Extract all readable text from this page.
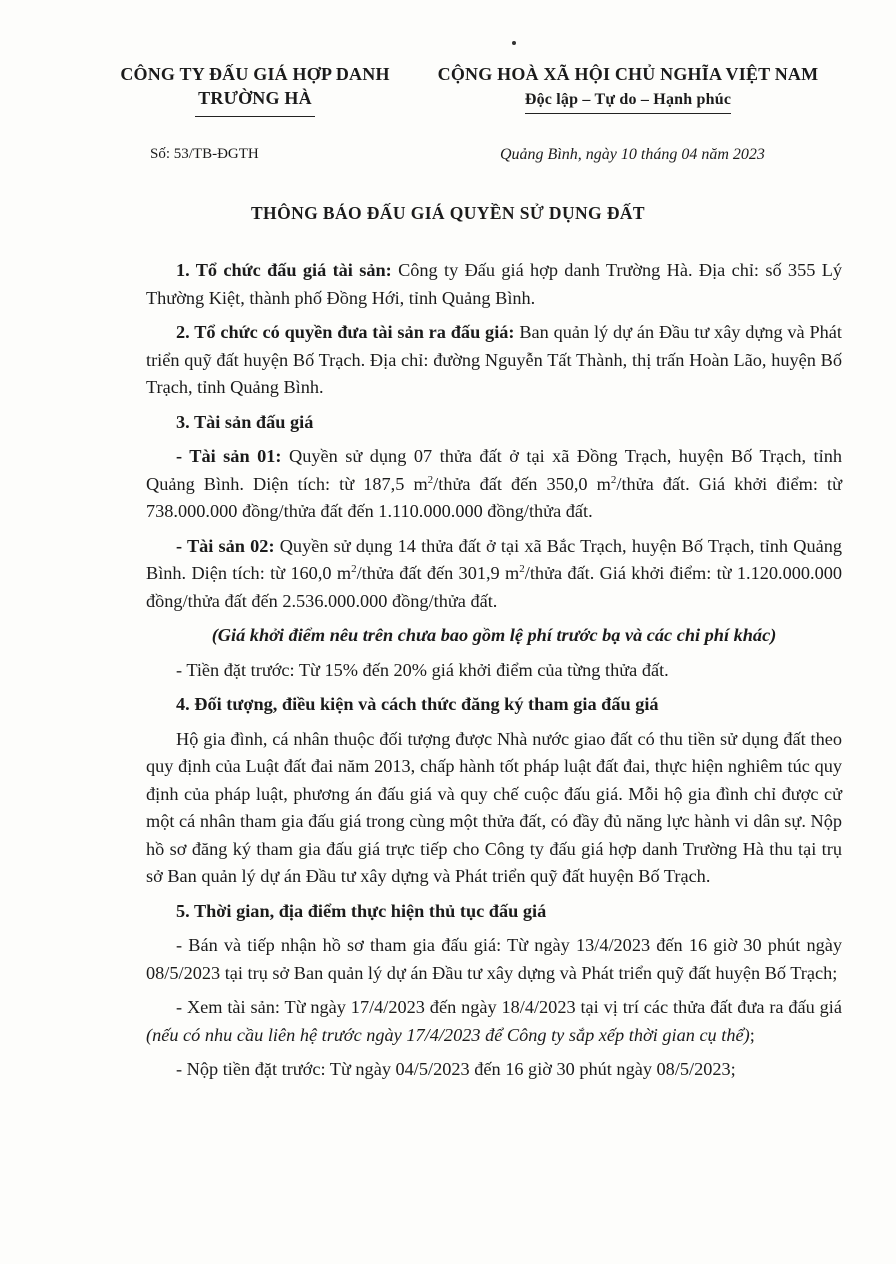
CÔNG TY ĐẤU GIÁ HỢP DANH
TRƯỜNG HÀ
CỘNG HOÀ XÃ HỘI CHỦ NGHĨA VIỆT NAM
Độc lập – Tự do – Hạnh phúc
Số: 53/TB-ĐGTH	Quảng Bình, ngày 10 tháng 04 năm 2023
THÔNG BÁO ĐẤU GIÁ QUYỀN SỬ DỤNG ĐẤT

1. Tổ chức đấu giá tài sản: Công ty Đấu giá hợp danh Trường Hà. Địa chỉ: số 355 Lý Thường Kiệt, thành phố Đồng Hới, tỉnh Quảng Bình.

2. Tổ chức có quyền đưa tài sản ra đấu giá: Ban quản lý dự án Đầu tư xây dựng và Phát triển quỹ đất huyện Bố Trạch. Địa chỉ: đường Nguyễn Tất Thành, thị trấn Hoàn Lão, huyện Bố Trạch, tỉnh Quảng Bình.

3. Tài sản đấu giá

- Tài sản 01: Quyền sử dụng 07 thửa đất ở tại xã Đồng Trạch, huyện Bố Trạch, tỉnh Quảng Bình. Diện tích: từ 187,5 $m^2$/thửa đất đến 350,0 $m^2$/thửa đất. Giá khởi điểm: từ 738.000.000 đồng/thửa đất đến 1.110.000.000 đồng/thửa đất.

- Tài sản 02: Quyền sử dụng 14 thửa đất ở tại xã Bắc Trạch, huyện Bố Trạch, tỉnh Quảng Bình. Diện tích: từ 160,0 $m^2$/thửa đất đến 301,9 $m^2$/thửa đất. Giá khởi điểm: từ 1.120.000.000 đồng/thửa đất đến 2.536.000.000 đồng/thửa đất.

(Giá khởi điểm nêu trên chưa bao gồm lệ phí trước bạ và các chi phí khác)

- Tiền đặt trước: Từ 15% đến 20% giá khởi điểm của từng thửa đất.

4. Đối tượng, điều kiện và cách thức đăng ký tham gia đấu giá

Hộ gia đình, cá nhân thuộc đối tượng được Nhà nước giao đất có thu tiền sử dụng đất theo quy định của Luật đất đai năm 2013, chấp hành tốt pháp luật đất đai, thực hiện nghiêm túc quy định của pháp luật, phương án đấu giá và quy chế cuộc đấu giá. Mỗi hộ gia đình chỉ được cử một cá nhân tham gia đấu giá trong cùng một thửa đất, có đầy đủ năng lực hành vi dân sự. Nộp hồ sơ đăng ký tham gia đấu giá trực tiếp cho Công ty đấu giá hợp danh Trường Hà thu tại trụ sở Ban quản lý dự án Đầu tư xây dựng và Phát triển quỹ đất huyện Bố Trạch.

5. Thời gian, địa điểm thực hiện thủ tục đấu giá

- Bán và tiếp nhận hồ sơ tham gia đấu giá: Từ ngày 13/4/2023 đến 16 giờ 30 phút ngày 08/5/2023 tại trụ sở Ban quản lý dự án Đầu tư xây dựng và Phát triển quỹ đất huyện Bố Trạch;

- Xem tài sản: Từ ngày 17/4/2023 đến ngày 18/4/2023 tại vị trí các thửa đất đưa ra đấu giá (nếu có nhu cầu liên hệ trước ngày 17/4/2023 để Công ty sắp xếp thời gian cụ thể);

- Nộp tiền đặt trước: Từ ngày 04/5/2023 đến 16 giờ 30 phút ngày 08/5/2023;
